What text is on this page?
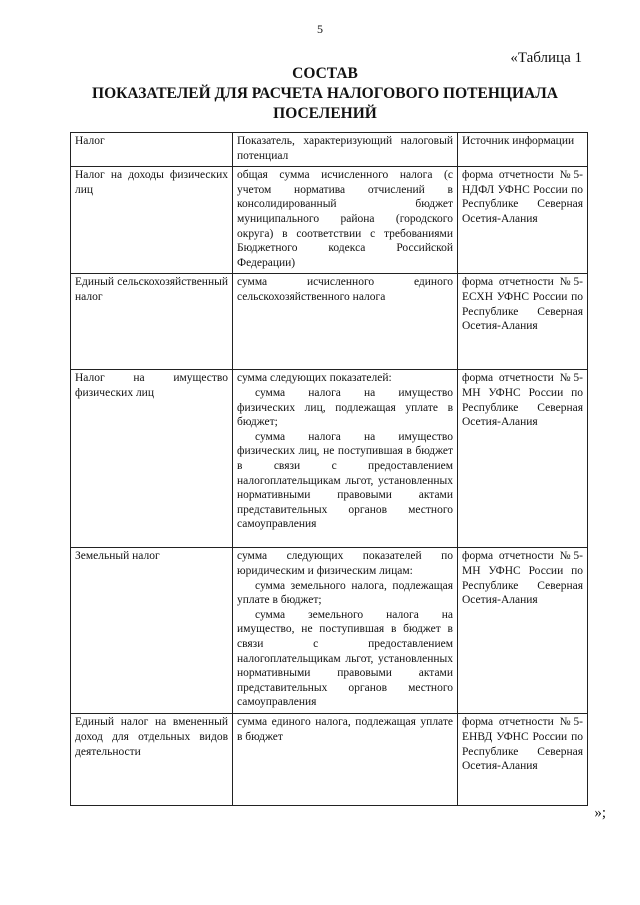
5
«Таблица 1
СОСТАВ
ПОКАЗАТЕЛЕЙ ДЛЯ РАСЧЕТА НАЛОГОВОГО ПОТЕНЦИАЛА
ПОСЕЛЕНИЙ
Налог	Показатель, характеризующий налоговый потенциал	Источник информации
Налог на доходы физических лиц	общая сумма исчисленного налога (с учетом норматива отчислений в консолидированный бюджет муниципального района (городского округа) в соответствии с требованиями Бюджетного кодекса Российской Федерации)	форма отчетности №5-НДФЛ УФНС России по Республике Северная Осетия-Алания
Единый сельскохозяйственный налог	сумма исчисленного единого сельскохозяйственного налога	форма отчетности №5-ЕСХН УФНС России по Республике Северная Осетия-Алания
Налог на имущество физических лиц	сумма следующих показателей:

сумма налога на имущество физических лиц, подлежащая уплате в бюджет;

сумма налога на имущество физических лиц, не поступившая в бюджет в связи с предоставлением налогоплательщикам льгот, установленных нормативными правовыми актами представительных органов местного самоуправления	форма отчетности №5-МН УФНС России по Республике Северная Осетия-Алания
Земельный налог	сумма следующих показателей по юридическим и физическим лицам:

сумма земельного налога, подлежащая уплате в бюджет;

сумма земельного налога на имущество, не поступившая в бюджет в связи с предоставлением налогоплательщикам льгот, установленных нормативными правовыми актами представительных органов местного самоуправления	форма отчетности №5-МН УФНС России по Республике Северная Осетия-Алания
Единый налог на вмененный доход для отдельных видов деятельности	сумма единого налога, подлежащая уплате в бюджет	форма отчетности №5-ЕНВД УФНС России по Республике Северная Осетия-Алания
»;
